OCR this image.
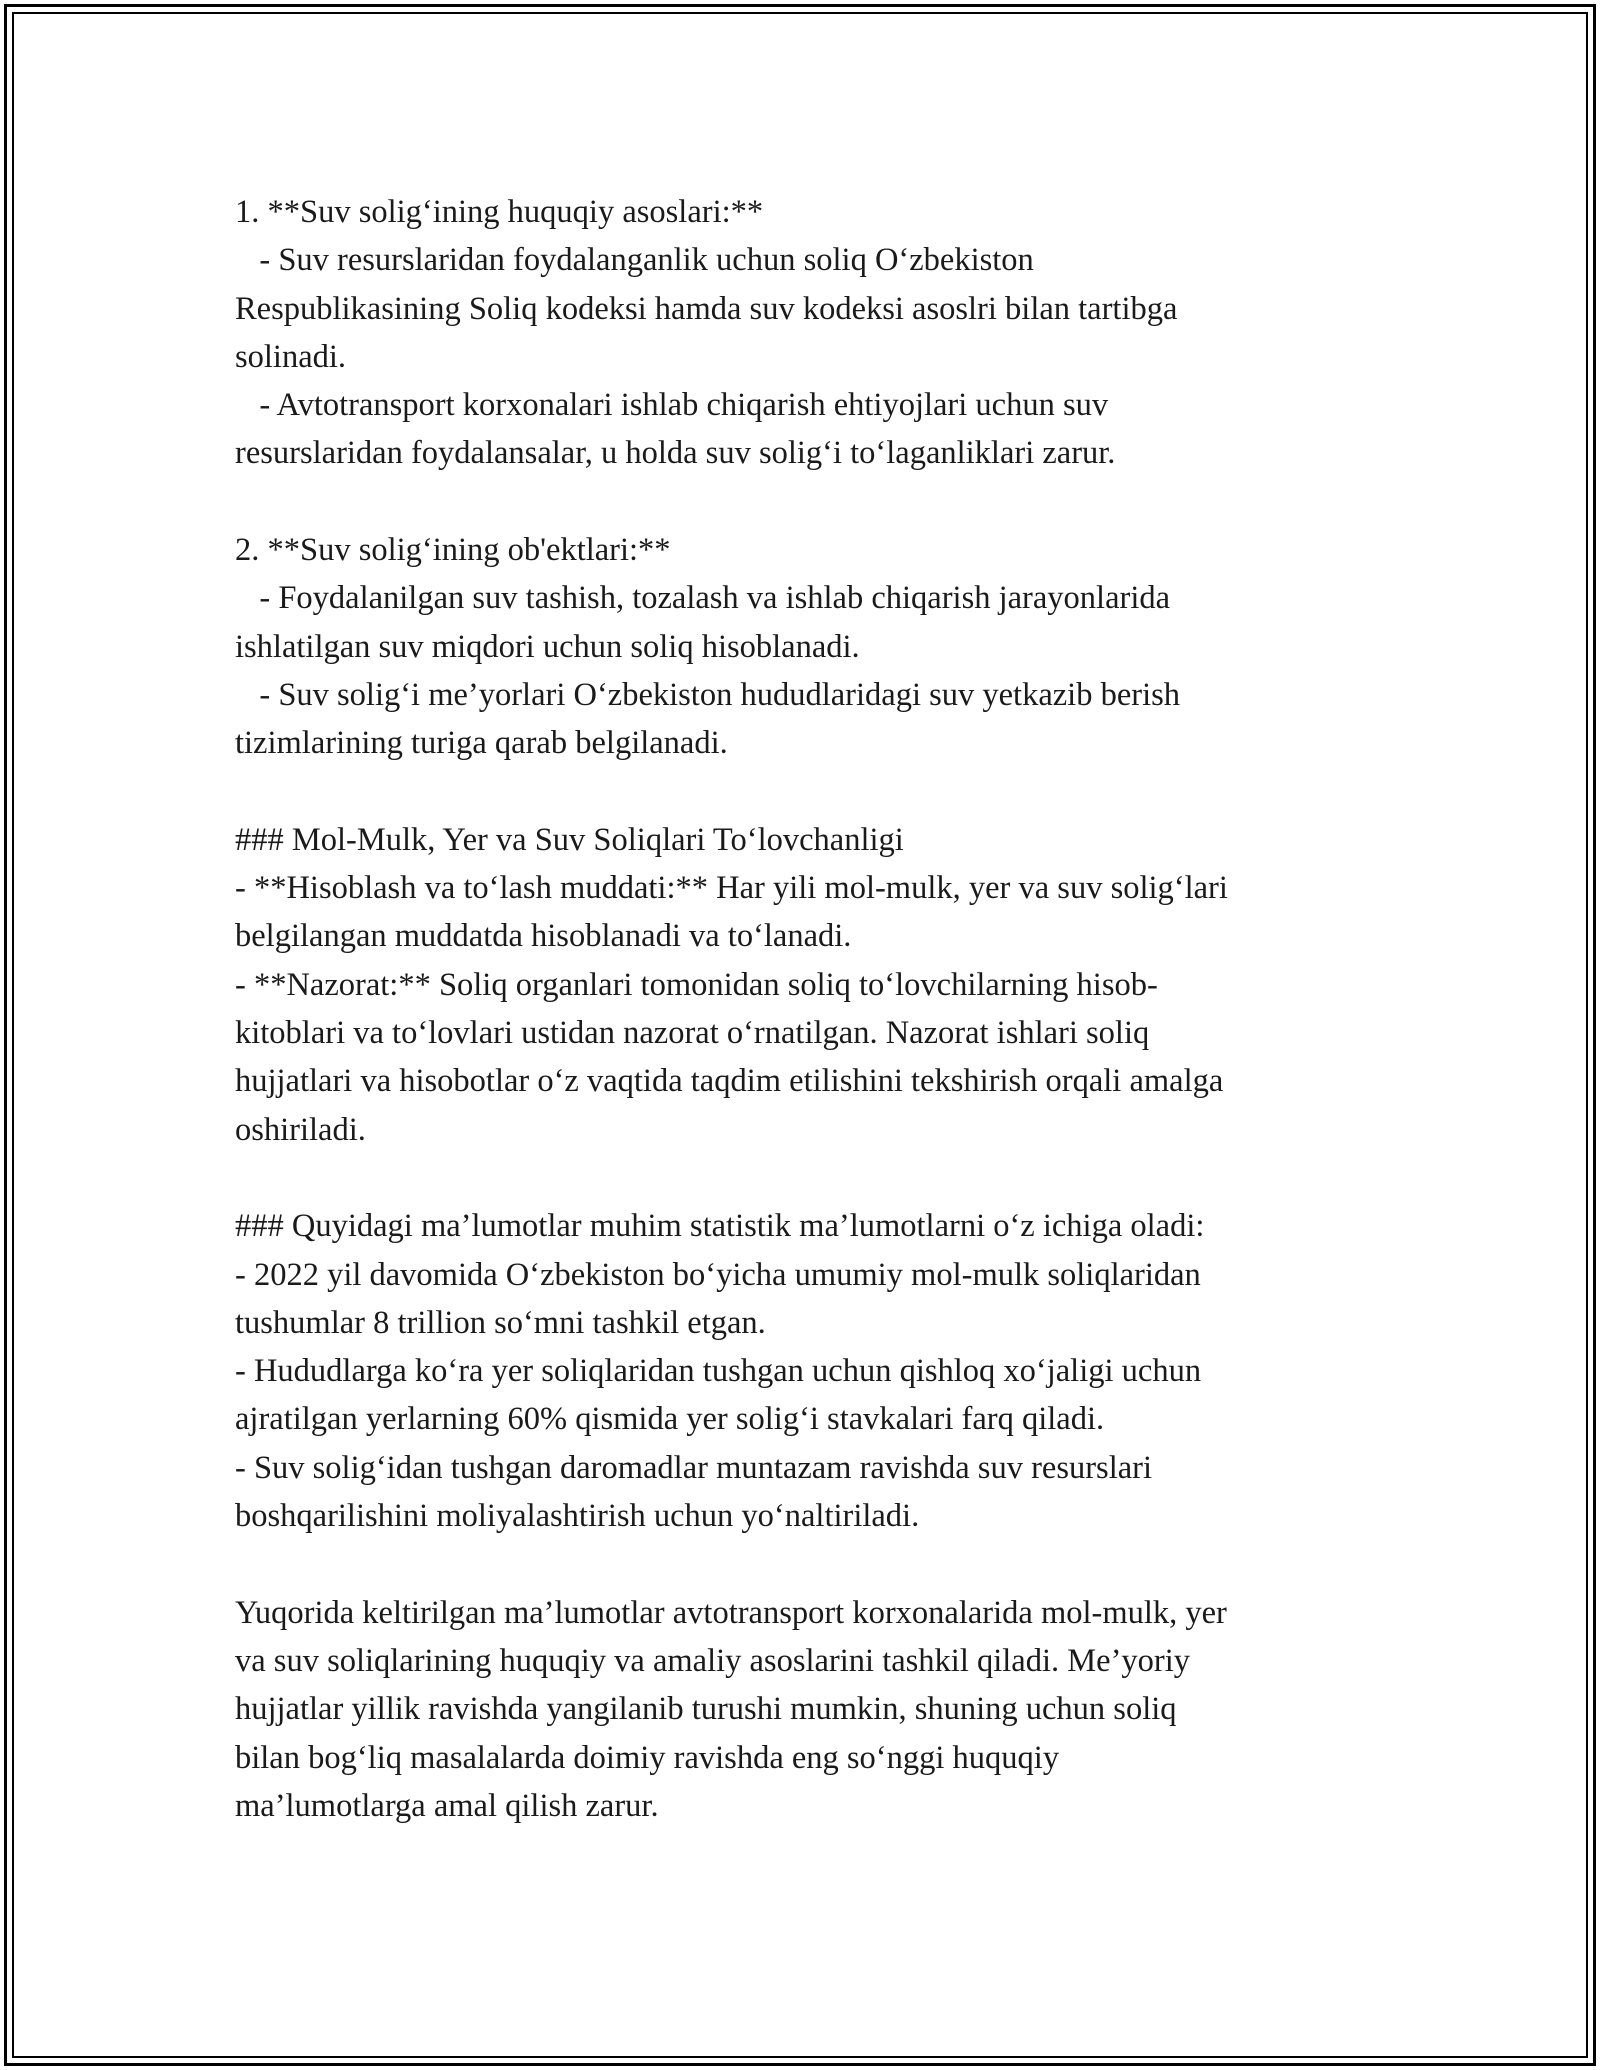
1. **Suv solig‘ining huquqiy asoslari:**
- Suv resurslaridan foydalanganlik uchun soliq O‘zbekiston
Respublikasining Soliq kodeksi hamda suv kodeksi asoslri bilan tartibga
solinadi.
- Avtotransport korxonalari ishlab chiqarish ehtiyojlari uchun suv
resurslaridan foydalansalar, u holda suv solig‘i to‘laganliklari zarur.
2. **Suv solig‘ining ob'ektlari:**
- Foydalanilgan suv tashish, tozalash va ishlab chiqarish jarayonlarida
ishlatilgan suv miqdori uchun soliq hisoblanadi.
- Suv solig‘i me’yorlari O‘zbekiston hududlaridagi suv yetkazib berish
tizimlarining turiga qarab belgilanadi.
### Mol-Mulk, Yer va Suv Soliqlari To‘lovchanligi
- **Hisoblash va to‘lash muddati:** Har yili mol-mulk, yer va suv solig‘lari
belgilangan muddatda hisoblanadi va to‘lanadi.
- **Nazorat:** Soliq organlari tomonidan soliq to‘lovchilarning hisob-
kitoblari va to‘lovlari ustidan nazorat o‘rnatilgan. Nazorat ishlari soliq
hujjatlari va hisobotlar o‘z vaqtida taqdim etilishini tekshirish orqali amalga
oshiriladi.
### Quyidagi ma’lumotlar muhim statistik ma’lumotlarni o‘z ichiga oladi:
- 2022 yil davomida O‘zbekiston bo‘yicha umumiy mol-mulk soliqlaridan
tushumlar 8 trillion so‘mni tashkil etgan.
- Hududlarga ko‘ra yer soliqlaridan tushgan uchun qishloq xo‘jaligi uchun
ajratilgan yerlarning 60% qismida yer solig‘i stavkalari farq qiladi.
- Suv solig‘idan tushgan daromadlar muntazam ravishda suv resurslari
boshqarilishini moliyalashtirish uchun yo‘naltiriladi.
Yuqorida keltirilgan ma’lumotlar avtotransport korxonalarida mol-mulk, yer
va suv soliqlarining huquqiy va amaliy asoslarini tashkil qiladi. Me’yoriy
hujjatlar yillik ravishda yangilanib turushi mumkin, shuning uchun soliq
bilan bog‘liq masalalarda doimiy ravishda eng so‘nggi huquqiy
ma’lumotlarga amal qilish zarur.
